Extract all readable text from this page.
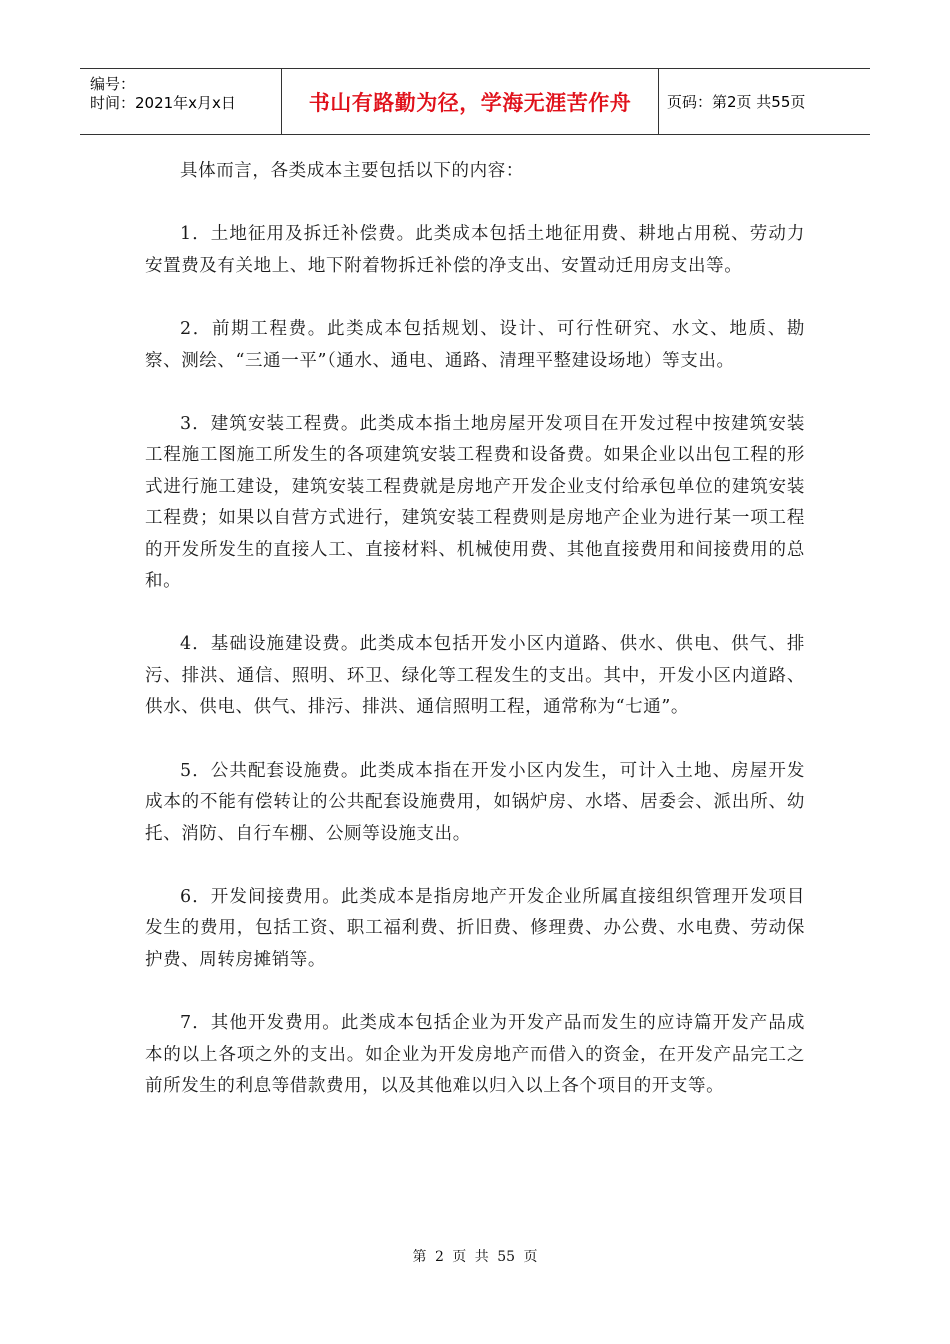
编号：
时间：2021年x月x日	书山有路勤为径，学海无涯苦作舟	页码：第2页 共55页

具体而言，各类成本主要包括以下的内容：

1．土地征用及拆迁补偿费。此类成本包括土地征用费、耕地占用税、劳动力安置费及有关地上、地下附着物拆迁补偿的净支出、安置动迁用房支出等。

2．前期工程费。此类成本包括规划、设计、可行性研究、水文、地质、勘察、测绘、“三通一平”（通水、通电、通路、清理平整建设场地）等支出。

3．建筑安装工程费。此类成本指土地房屋开发项目在开发过程中按建筑安装工程施工图施工所发生的各项建筑安装工程费和设备费。如果企业以出包工程的形式进行施工建设，建筑安装工程费就是房地产开发企业支付给承包单位的建筑安装工程费；如果以自营方式进行，建筑安装工程费则是房地产企业为进行某一项工程的开发所发生的直接人工、直接材料、机械使用费、其他直接费用和间接费用的总和。

4．基础设施建设费。此类成本包括开发小区内道路、供水、供电、供气、排污、排洪、通信、照明、环卫、绿化等工程发生的支出。其中，开发小区内道路、供水、供电、供气、排污、排洪、通信照明工程，通常称为“七通”。

5．公共配套设施费。此类成本指在开发小区内发生，可计入土地、房屋开发成本的不能有偿转让的公共配套设施费用，如锅炉房、水塔、居委会、派出所、幼托、消防、自行车棚、公厕等设施支出。

6．开发间接费用。此类成本是指房地产开发企业所属直接组织管理开发项目发生的费用，包括工资、职工福利费、折旧费、修理费、办公费、水电费、劳动保护费、周转房摊销等。

7．其他开发费用。此类成本包括企业为开发产品而发生的应诗篇开发产品成本的以上各项之外的支出。如企业为开发房地产而借入的资金，在开发产品完工之前所发生的利息等借款费用，以及其他难以归入以上各个项目的开支等。

第 2 页 共 55 页
